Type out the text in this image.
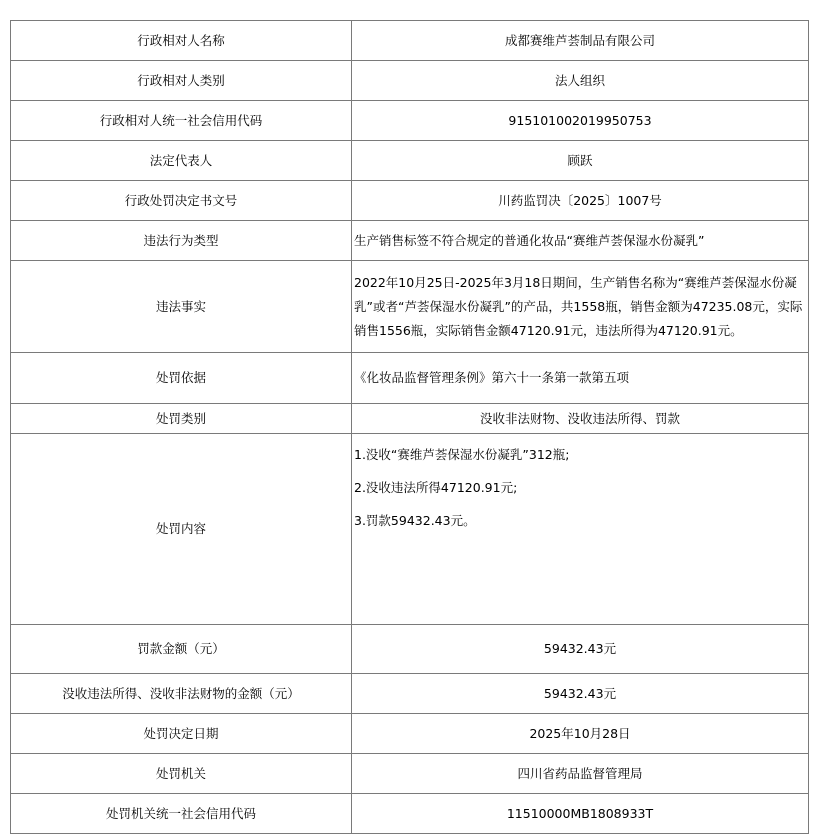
行政相对人名称	成都赛维芦荟制品有限公司
行政相对人类别	法人组织
行政相对人统一社会信用代码	915101002019950753
法定代表人	顾跃
行政处罚决定书文号	川药监罚决〔2025〕1007号
违法行为类型	生产销售标签不符合规定的普通化妆品“赛维芦荟保湿水份凝乳”
违法事实	2022年10月25日-2025年3月18日期间，生产销售名称为“赛维芦荟保湿水份凝乳”或者“芦荟保湿水份凝乳”的产品，共1558瓶，销售金额为47235.08元，实际销售1556瓶，实际销售金额47120.91元，违法所得为47120.91元。
处罚依据	《化妆品监督管理条例》第六十一条第一款第五项
处罚类别	没收非法财物、没收违法所得、罚款
处罚内容	1.没收“赛维芦荟保湿水份凝乳”312瓶;

2.没收违法所得47120.91元;

3.罚款59432.43元。

罚款金额（元）	59432.43元
没收违法所得、没收非法财物的金额（元）	59432.43元
处罚决定日期	2025年10月28日
处罚机关	四川省药品监督管理局
处罚机关统一社会信用代码	11510000MB1808933T
